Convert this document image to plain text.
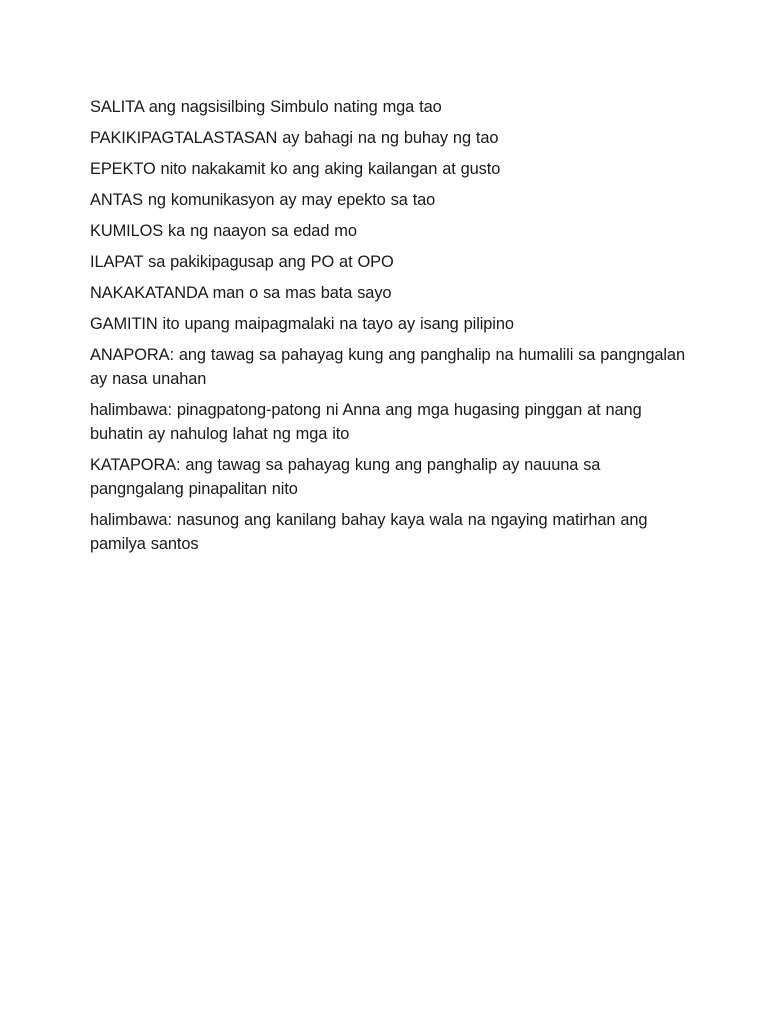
SALITA ang nagsisilbing Simbulo nating mga tao

PAKIKIPAGTALASTASAN ay bahagi na ng buhay ng tao

EPEKTO nito nakakamit ko ang aking kailangan at gusto

ANTAS ng komunikasyon ay may epekto sa tao

KUMILOS ka ng naayon sa edad mo

ILAPAT sa pakikipagusap ang PO at OPO

NAKAKATANDA man o sa mas bata sayo

GAMITIN ito upang maipagmalaki na tayo ay isang pilipino

ANAPORA: ang tawag sa pahayag kung ang panghalip na humalili sa pangngalan ay nasa unahan

halimbawa: pinagpatong-patong ni Anna ang mga hugasing pinggan at nang buhatin ay nahulog lahat ng mga ito

KATAPORA: ang tawag sa pahayag kung ang panghalip ay nauuna sa pangngalang pinapalitan nito

halimbawa: nasunog ang kanilang bahay kaya wala na ngaying matirhan ang pamilya santos
